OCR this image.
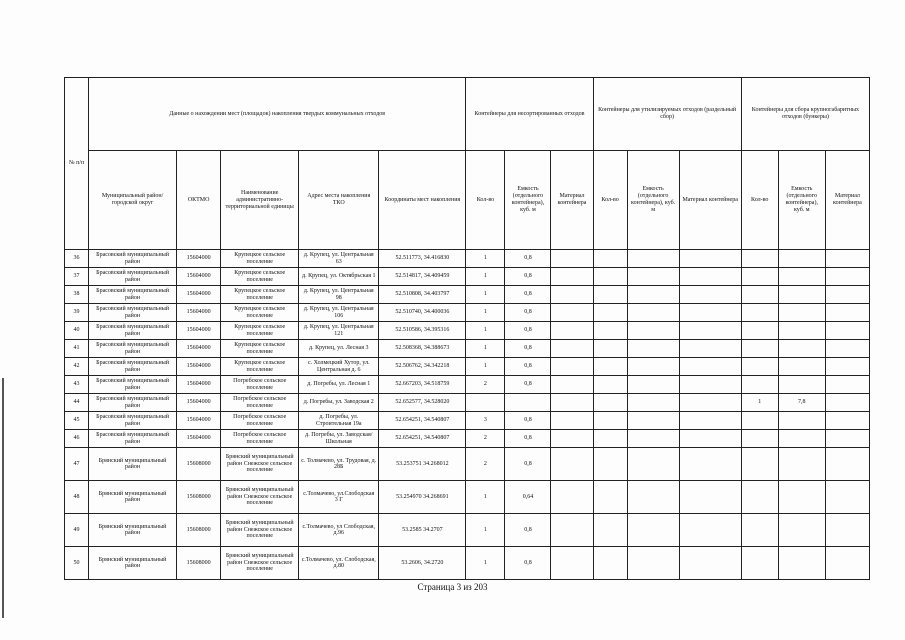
№ п/п	Данные о нахождении мест (площадок) накопления твердых коммунальных отходов					Контейнеры для несортированных отходов			Контейнеры для утилизируемых отходов (раздельный сбор)			Контейнеры для сбора крупногабаритных отходов (бункеры)		
	Муниципальный район/городской округ	ОКТМО	Наименование административно-территориальной единицы	Адрес места накопления ТКО	Координаты мест накопления	Кол-во	Емкость (отдельного контейнера), куб. м	Материал контейнера	Кол-во	Емкость (отдельного контейнера), куб. м	Материал контейнера	Кол-во	Емкость (отдельного контейнера), куб. м	Материал контейнера
36	Брасовский муниципальный район	15604000	Крупецкое сельское поселение	д. Крупец, ул. Центральная 63	52.511773, 34.416830	1	0,8							
37	Брасовский муниципальный район	15604000	Крупецкое сельское поселение	д. Крупец, ул. Октябрьская 1	52.514817, 34.409459	1	0,8							
38	Брасовский муниципальный район	15604000	Крупецкое сельское поселение	д. Крупец, ул. Центральная 98	52.510808, 34.403797	1	0,8							
39	Брасовский муниципальный район	15604000	Крупецкое сельское поселение	д. Крупец, ул. Центральная 106	52.510740, 34.400036	1	0,8							
40	Брасовский муниципальный район	15604000	Крупецкое сельское поселение	д. Крупец, ул. Центральная 121	52.510586, 34.395316	1	0,8							
41	Брасовский муниципальный район	15604000	Крупецкое сельское поселение	д. Крупец, ул. Лесная 3	52.508368, 34.388673	1	0,8							
42	Брасовский муниципальный район	15604000	Крупецкое сельское поселение	с. Холмецкий Хутор, ул. Центральная д. 6	52.506762, 34.342218	1	0,8							
43	Брасовский муниципальный район	15604000	Погребское сельское поселение	д. Погребы, ул. Лесная 1	52.667203, 34.518759	2	0,8							
44	Брасовский муниципальный район	15604000	Погребское сельское поселение	д. Погребы, ул. Заводская 2	52.652577, 34.528020							1	7,8	
45	Брасовский муниципальный район	15604000	Погребское сельское поселение	д. Погребы, ул. Строительная 19а	52.654251, 34.540807	3	0,8							
46	Брасовский муниципальный район	15604000	Погребское сельское поселение	д. Погребы, ул. Заводская/Школьная	52.654251, 34.540807	2	0,8							
47	Брянский муниципальный район	15608000	Брянский муниципальный район Снежское сельское поселение	с. Толмачево, ул. Трудовая, д. 28Б	53.253751 34.268012	2	0,8							
48	Брянский муниципальный район	15608000	Брянский муниципальный район Снежское сельское поселение	с.Толмачево, ул.Слободская 3 Г	53.254970 34.268691	1	0,64							
49	Брянский муниципальный район	15608000	Брянский муниципальный район Снежское сельское поселение	с.Толмачево, ул Слободская, д.96	53.2585 34.2707	1	0,8							
50	Брянский муниципальный район	15608000	Брянский муниципальный район Снежское сельское поселение	с.Толмачево, ул. Слободская, д.80	53.2606, 34.2720	1	0,8							
Страница 3 из 203
